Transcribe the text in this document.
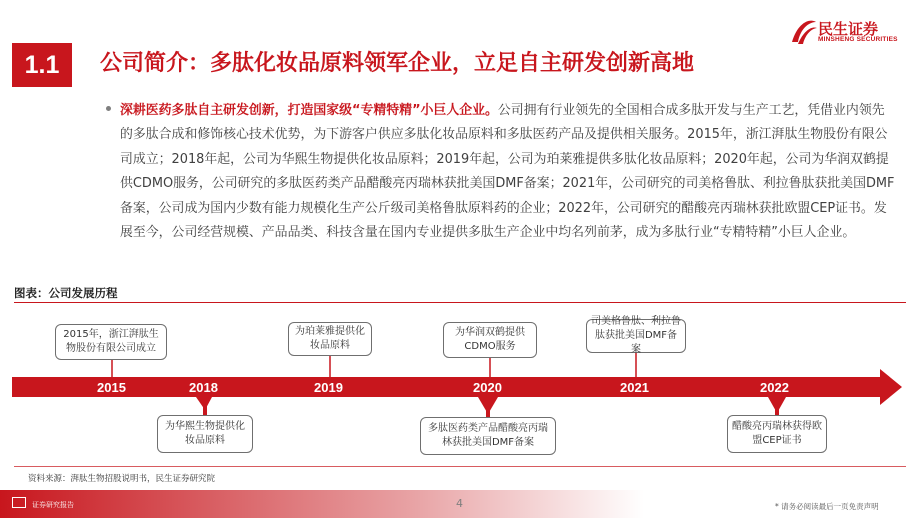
1.1	公司简介：多肽化妆品原料领军企业，立足自主研发创新高地
民生证券
MINSHENG SECURITIES
深耕医药多肽自主研发创新，打造国家级“专精特精”小巨人企业。公司拥有行业领先的全国相合成多肽开发与生产工艺，凭借业内领先的多肽合成和修饰核心技术优势，为下游客户供应多肽化妆品原料和多肽医药产品及提供相关服务。2015年，浙江湃肽生物股份有限公司成立；2018年起，公司为华熙生物提供化妆品原料；2019年起，公司为珀莱雅提供多肽化妆品原料；2020年起，公司为华润双鹤提供CDMO服务，公司研究的多肽医药类产品醋酸亮丙瑞林获批美国DMF备案；2021年，公司研究的司美格鲁肽、利拉鲁肽获批美国DMF备案，公司成为国内少数有能力规模化生产公斤级司美格鲁肽原料药的企业；2022年，公司研究的醋酸亮丙瑞林获批欧盟CEP证书。发展至今，公司经营规模、产品品类、科技含量在国内专业提供多肽生产企业中均名列前茅，成为多肽行业“专精特精”小巨人企业。
图表：公司发展历程
2015	2018	2019	2020	2021	2022
2015年，浙江湃肽生物股份有限公司成立
为珀莱雅提供化妆品原料
为华润双鹤提供CDMO服务
司美格鲁肽、利拉鲁肽获批美国DMF备案
为华熙生物提供化妆品原料
多肽医药类产品醋酸亮丙瑞林获批美国DMF备案
醋酸亮丙瑞林获得欧盟CEP证书
资料来源：湃肽生物招股说明书，民生证券研究院
证券研究报告	4	* 请务必阅读最后一页免责声明
